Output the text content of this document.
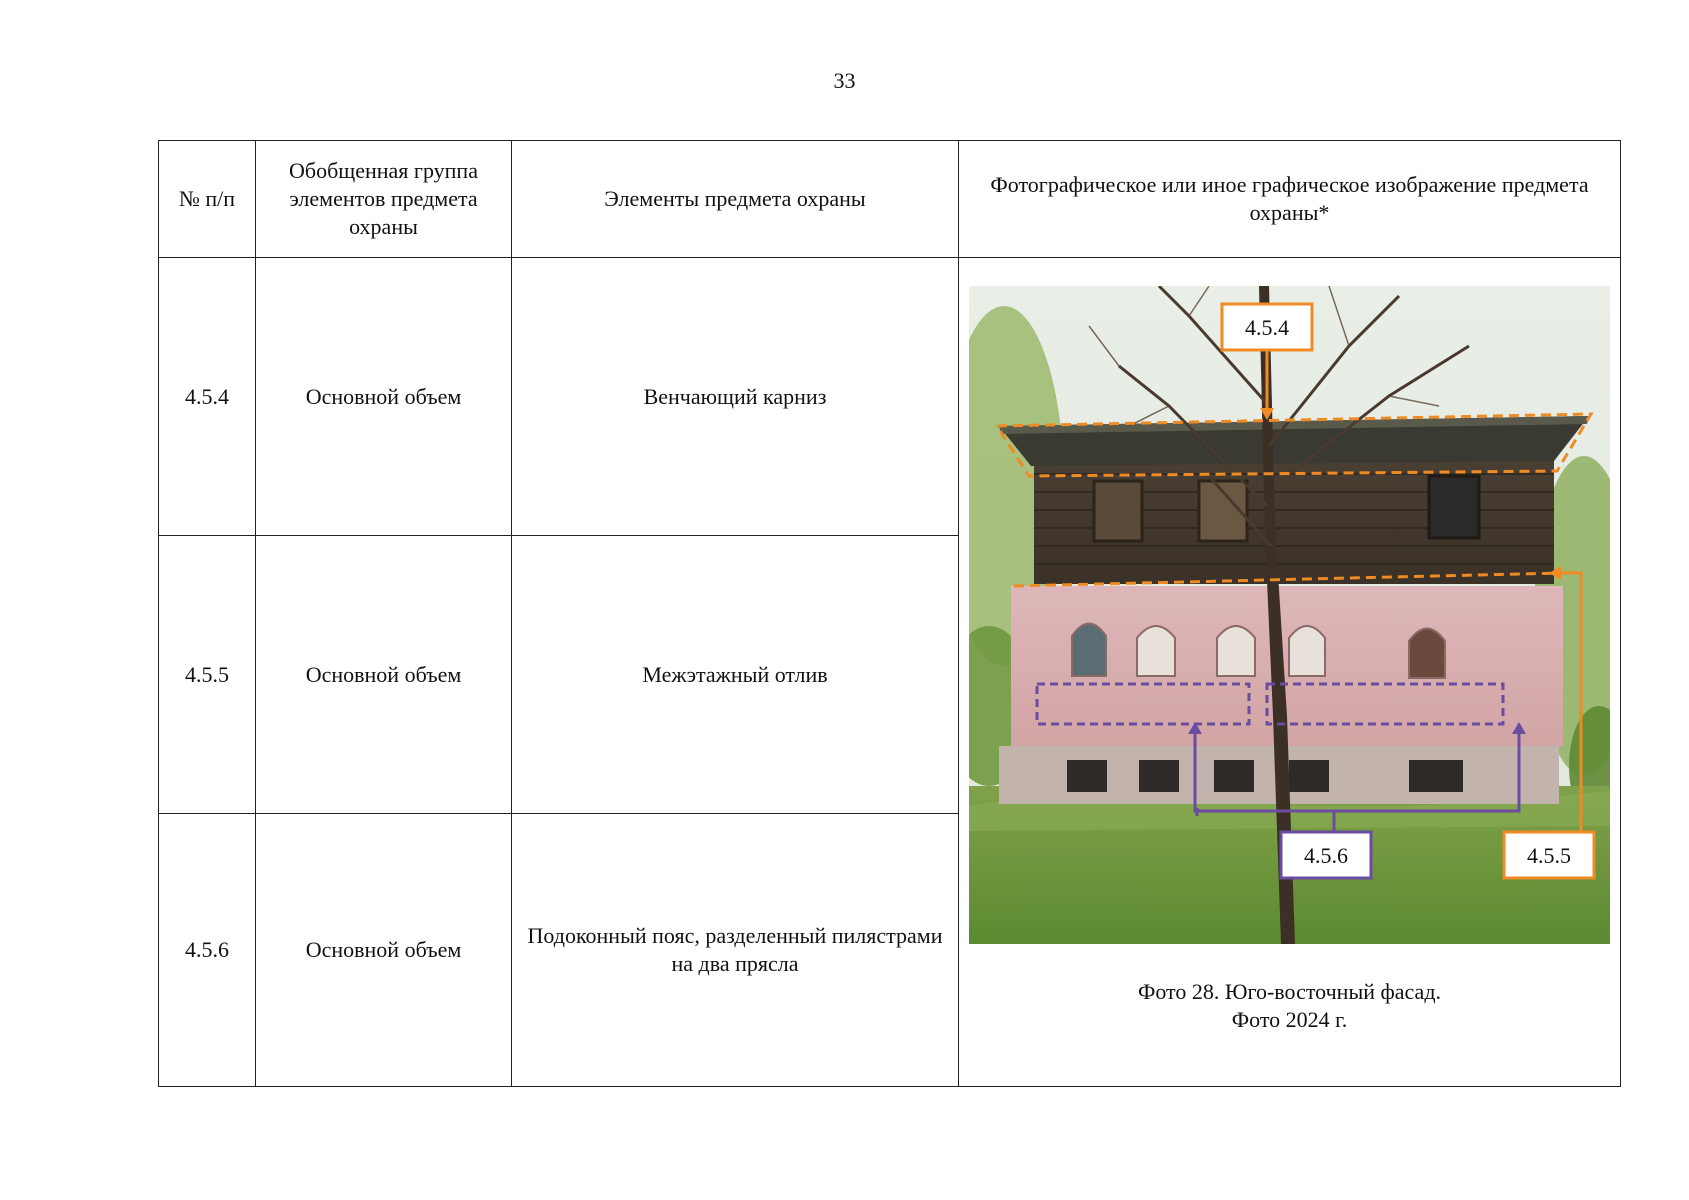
33
№ п/п	Обобщенная группа элементов предмета охраны	Элементы предмета охраны	Фотографическое или иное графическое изображение предмета охраны*
4.5.4	Основной объем	Венчающий карниз	4.5.4
4.5.6 4.5.5
Фото 28. Юго-восточный фасад.
Фото 2024 г.

4.5.5	Основной объем	Межэтажный отлив	
4.5.6	Основной объем	Подоконный пояс, разделенный пилястрами на два прясла	
